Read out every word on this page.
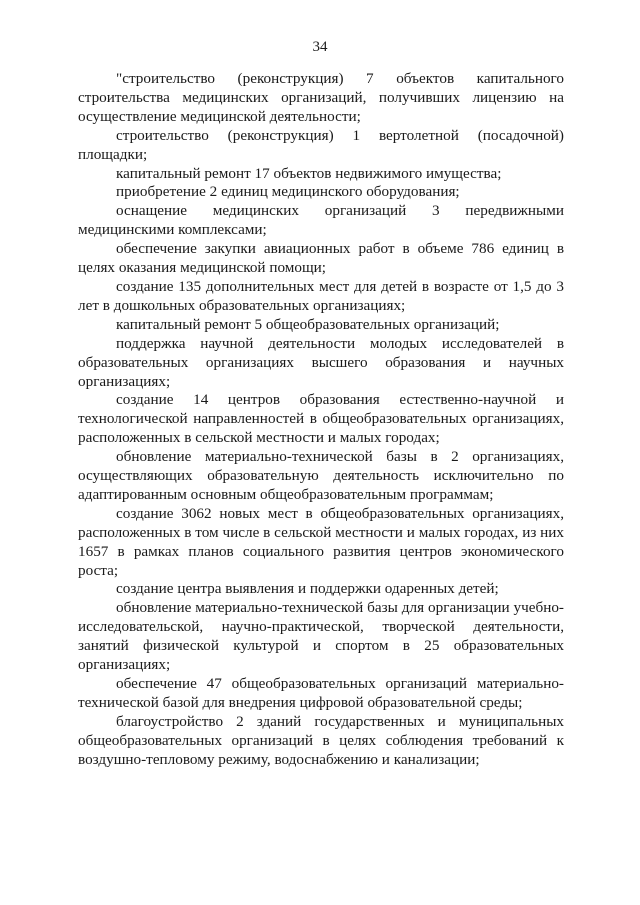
34

"строительство (реконструкция) 7 объектов капитального строительства медицинских организаций, получивших лицензию на осуществление медицинской деятельности;

строительство (реконструкция) 1 вертолетной (посадочной) площадки;

капитальный ремонт 17 объектов недвижимого имущества;

приобретение 2 единиц медицинского оборудования;

оснащение медицинских организаций 3 передвижными медицинскими комплексами;

обеспечение закупки авиационных работ в объеме 786 единиц в целях оказания медицинской помощи;

создание 135 дополнительных мест для детей в возрасте от 1,5 до 3 лет в дошкольных образовательных организациях;

капитальный ремонт 5 общеобразовательных организаций;

поддержка научной деятельности молодых исследователей в образовательных организациях высшего образования и научных организациях;

создание 14 центров образования естественно-научной и технологической направленностей в общеобразовательных организациях, расположенных в сельской местности и малых городах;

обновление материально-технической базы в 2 организациях, осуществляющих образовательную деятельность исключительно по адаптированным основным общеобразовательным программам;

создание 3062 новых мест в общеобразовательных организациях, расположенных в том числе в сельской местности и малых городах, из них 1657 в рамках планов социального развития центров экономического роста;

создание центра выявления и поддержки одаренных детей;

обновление материально-технической базы для организации учебно-исследовательской, научно-практической, творческой деятельности, занятий физической культурой и спортом в 25 образовательных организациях;

обеспечение 47 общеобразовательных организаций материально-технической базой для внедрения цифровой образовательной среды;

благоустройство 2 зданий государственных и муниципальных общеобразовательных организаций в целях соблюдения требований к воздушно-тепловому режиму, водоснабжению и канализации;
